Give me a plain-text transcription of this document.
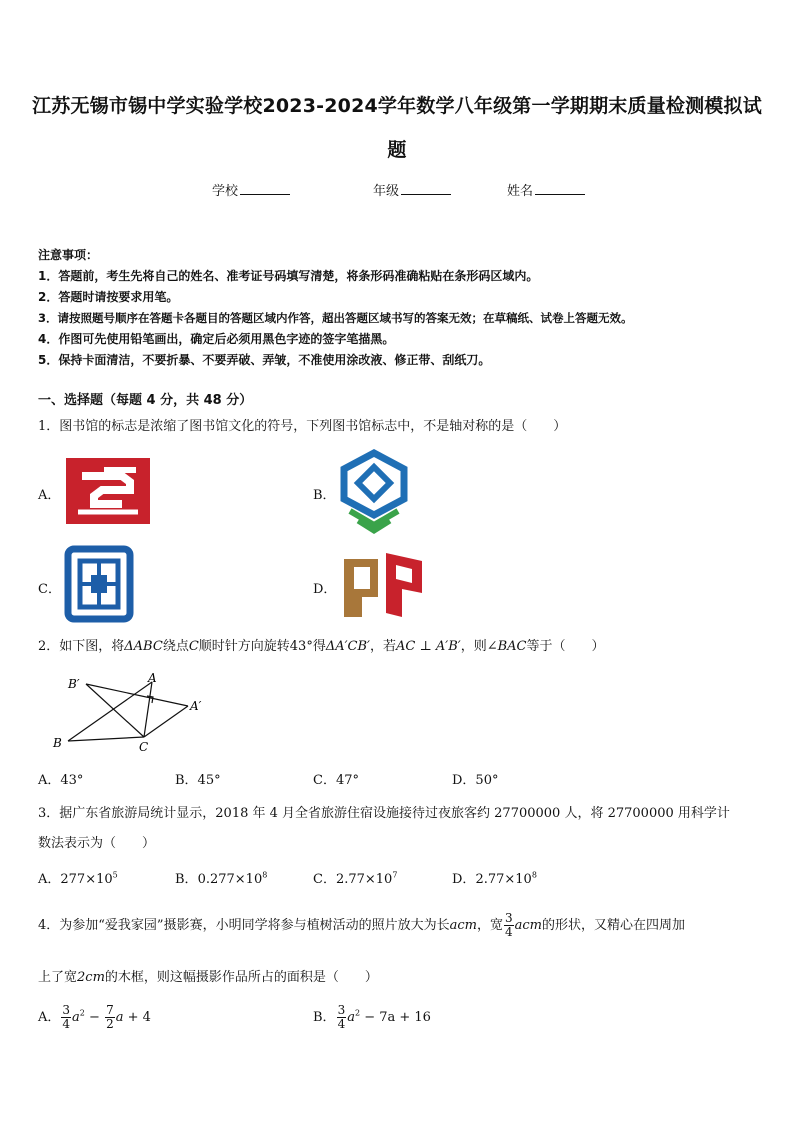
江苏无锡市锡中学实验学校2023-2024学年数学八年级第一学期期末质量检测模拟试
题
学校	年级	姓名
注意事项：
1．答题前，考生先将自己的姓名、准考证号码填写清楚，将条形码准确粘贴在条形码区域内。
2．答题时请按要求用笔。
3．请按照题号顺序在答题卡各题目的答题区域内作答，超出答题区域书写的答案无效；在草稿纸、试卷上答题无效。
4．作图可先使用铅笔画出，确定后必须用黑色字迹的签字笔描黑。
5．保持卡面清洁，不要折暴、不要弄破、弄皱，不准使用涂改液、修正带、刮纸刀。
一、选择题（每题 4 分，共 48 分）
1．图书馆的标志是浓缩了图书馆文化的符号，下列图书馆标志中，不是轴对称的是（　　）
A．	B．
C．	D．
2．如下图，将ΔABC绕点C顺时针方向旋转43°得ΔA′CB′，若AC ⊥ A′B′，则∠BAC等于（　　）
B′	A
A′
B	C
A．43°	B．45°	C．47°	D．50°
3．据广东省旅游局统计显示，2018 年 4 月全省旅游住宿设施接待过夜旅客约 27700000 人，将 27700000 用科学计
数法表示为（　　）
A．$277\times 10^5$	B．$0.277\times 10^8$	C．$2.77\times 10^7$	D．$2.77\times 10^8$
4．为参加“爱我家园”摄影赛，小明同学将参与植树活动的照片放大为长acm，宽 $\frac{3}{4}$ acm的形状，又精心在四周加
上了宽2cm的木框，则这幅摄影作品所占的面积是（　　）
A． $\frac{3}{4} a^2 - \frac{7}{2}$ a + 4	B． $\frac{3}{4} a^2 - 7a + 16$
